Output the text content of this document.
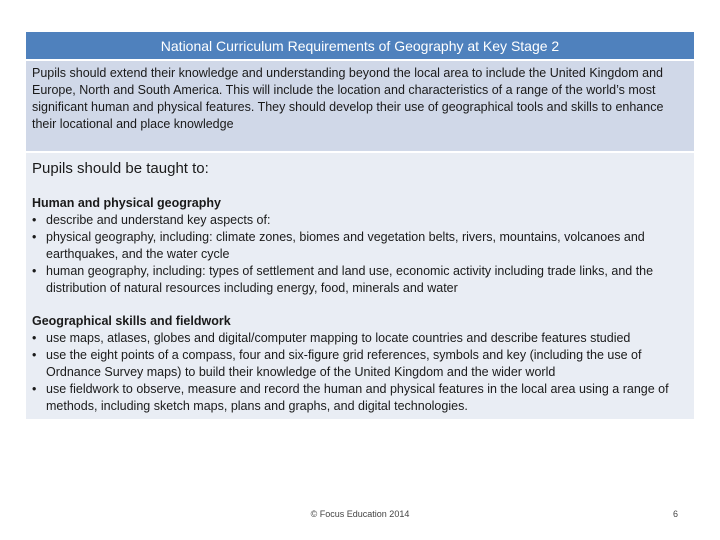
National Curriculum Requirements of Geography at Key Stage 2
Pupils should extend their knowledge and understanding beyond the local area to include the United Kingdom and Europe, North and South America. This will include the location and characteristics of a range of the world’s most significant human and physical features. They should develop their use of geographical tools and skills to enhance their locational and place knowledge

Pupils should be taught to:

Human and physical geography

• describe and understand key aspects of:
• physical geography, including: climate zones, biomes and vegetation belts, rivers, mountains, volcanoes and earthquakes, and the water cycle
• human geography, including: types of settlement and land use, economic activity including trade links, and the distribution of natural resources including energy, food, minerals and water

Geographical skills and fieldwork

• use maps, atlases, globes and digital/computer mapping to locate countries and describe features studied
• use the eight points of a compass, four and six-figure grid references, symbols and key (including the use of Ordnance Survey maps) to build their knowledge of the United Kingdom and the wider world
• use fieldwork to observe, measure and record the human and physical features in the local area using a range of methods, including sketch maps, plans and graphs, and digital technologies.
© Focus Education 2014	6
